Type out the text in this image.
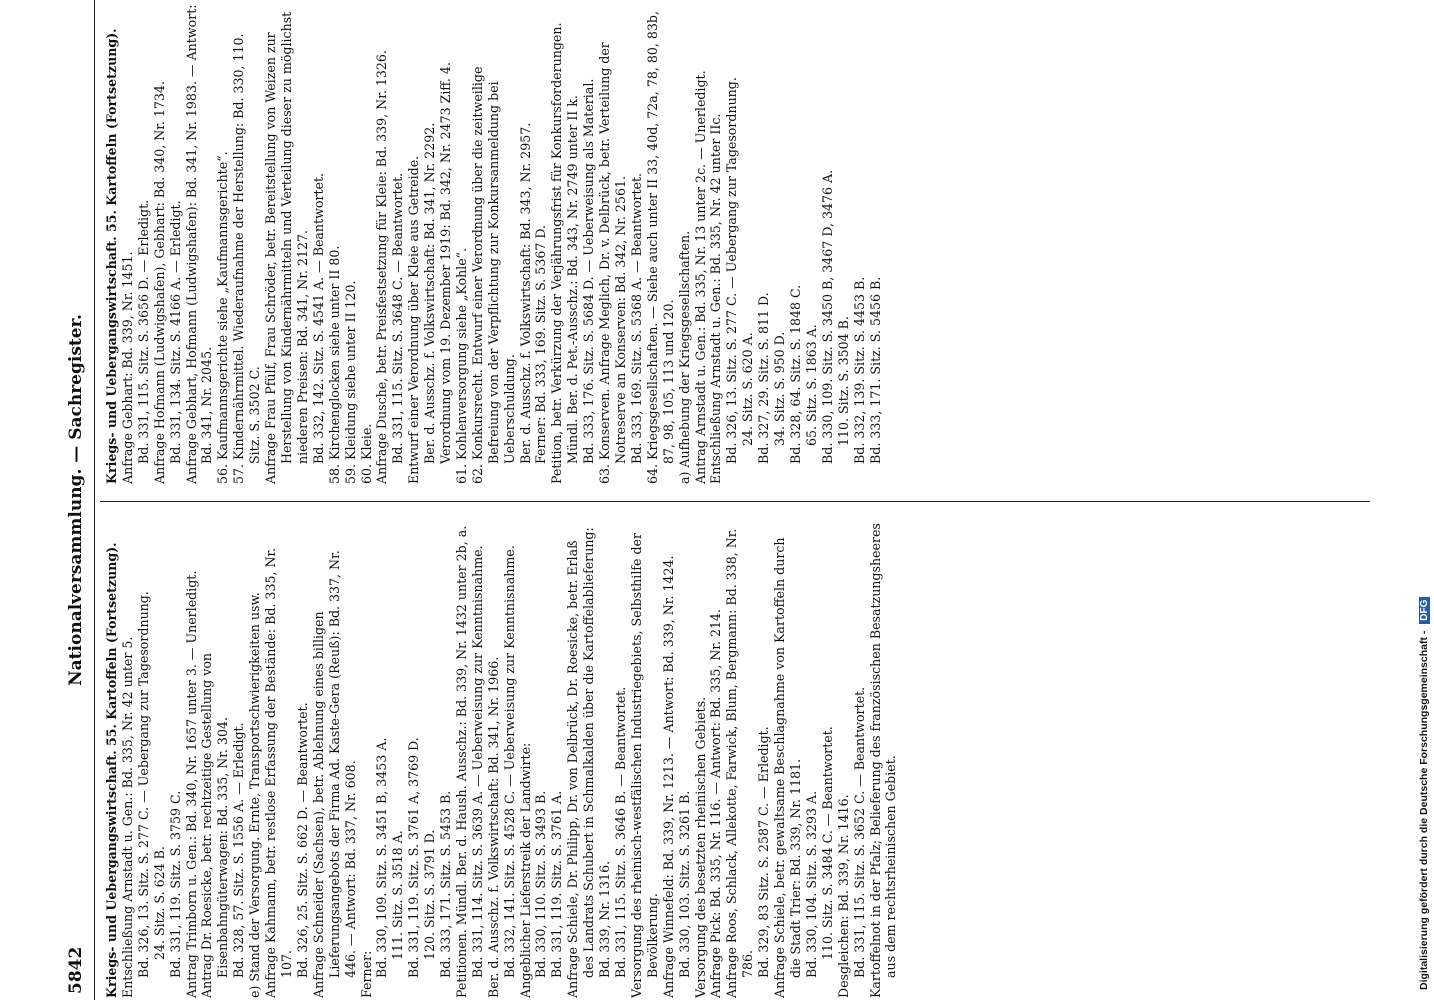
5842
Nationalversammlung. — Sachregister.

Kriegs- und Uebergangswirtschaft. 55. Kartoffeln (Fortsetzung). Entschließung Arnstadt u. Gen.: Bd. 335, Nr. 42 unter 5. Bd. 326, 13. Sitz. S. 277 C. — Uebergang zur Tagesordnung. 24. Sitz. S. 624 B. Bd. 331, 119. Sitz. S. 3759 C. Antrag Trimborn u. Gen.: Bd. 340, Nr. 1657 unter 3. — Unerledigt. Antrag Dr. Roesicke, betr. rechtzeitige Gestellung von Eisenbahngüterwagen: Bd. 335, Nr. 304. Bd. 328, 57. Sitz. S. 1556 A. — Erledigt. e) Stand der Versorgung. Ernte, Transportschwierigkeiten usw. Anfrage Kahmann, betr. restlose Erfassung der Bestände: Bd. 335, Nr. 107. Bd. 326, 25. Sitz. S. 662 D. — Beantwortet. Anfrage Schneider (Sachsen), betr. Ablehnung eines billigen Lieferungsangebots der Firma Ad. Kaste-Gera (Reuß): Bd. 337, Nr. 446. — Antwort: Bd. 337, Nr. 608. Ferner: Bd. 330, 109. Sitz. S. 3451 B, 3453 A. 111. Sitz. S. 3518 A. Bd. 331, 119. Sitz. S. 3761 A, 3769 D. 120. Sitz. S. 3791 D. Bd. 333, 171. Sitz. S. 5453 B. Petitionen. Mündl. Ber. d. Haush. Ausschz.: Bd. 339, Nr. 1432 unter 2b, a. Bd. 331, 114. Sitz. S. 3639 A. — Ueberweisung zur Kenntnisnahme. Ber. d. Ausschz. f. Volkswirtschaft: Bd. 341, Nr. 1966. Bd. 332, 141. Sitz. S. 4528 C. — Ueberweisung zur Kenntnisnahme. Angeblicher Lieferstreik der Landwirte: Bd. 330, 110. Sitz. S. 3493 B. Bd. 331, 119. Sitz. S. 3761 A. Anfrage Schiele, Dr. Philipp, Dr. von Delbrück, Dr. Roesicke, betr. Erlaß des Landrats Schubert in Schmalkalden über die Kartoffelablieferung: Bd. 339, Nr. 1316. Bd. 331, 115. Sitz. S. 3646 B. — Beantwortet. Versorgung des rheinisch-westfälischen Industriegebiets, Selbsthilfe der Bevölkerung. Anfrage Winnefeld: Bd. 339, Nr. 1213. — Antwort: Bd. 339, Nr. 1424. Bd. 330, 103. Sitz. S. 3261 B. Versorgung des besetzten rheinischen Gebiets. Anfrage Pick: Bd. 335, Nr. 116. — Antwort: Bd. 335, Nr. 214. Anfrage Roos, Schlack, Allekotte, Farwick, Blum, Bergmann: Bd. 338, Nr. 786. Bd. 329, 83 Sitz. S. 2587 C. — Erledigt. Anfrage Schiele, betr. gewaltsame Beschlagnahme von Kartoffeln durch die Stadt Trier: Bd. 339, Nr. 1181. Bd. 330, 104. Sitz. S. 3293 A. 110. Sitz. S. 3484 C. — Beantwortet. Desgleichen: Bd. 339, Nr. 1416. Bd. 331, 115. Sitz. S. 3652 C. — Beantwortet. Kartoffelnot in der Pfalz; Belieferung des französischen Besatzungsheeres aus dem rechtsrheinischen Gebiet.

Kriegs- und Uebergangswirtschaft. 55. Kartoffeln (Fortsetzung). Anfrage Gebhart: Bd. 339, Nr. 1451. Bd. 331, 115. Sitz. S. 3656 D. — Erledigt. Anfrage Hofmann (Ludwigshafen), Gebhart: Bd. 340, Nr. 1734. Bd. 331, 134. Sitz. S. 4166 A. — Erledigt. Anfrage Gebhart, Hofmann (Ludwigshafen): Bd. 341, Nr. 1983. — Antwort: Bd. 341, Nr. 2045. 56. Kaufmannsgerichte siehe „Kaufmannsgerichte“. 57. Kindernährmittel. Wiederaufnahme der Herstellung: Bd. 330, 110. Sitz. S. 3502 C. Anfrage Frau Pfülf, Frau Schröder, betr. Bereitstellung von Weizen zur Herstellung von Kindernährmitteln und Verteilung dieser zu möglichst niederen Preisen: Bd. 341, Nr. 2127. Bd. 332, 142. Sitz. S. 4541 A. — Beantwortet. 58. Kirchenglocken siehe unter II 80. 59. Kleidung siehe unter II 120. 60. Kleie. Anfrage Dusche, betr. Preisfestsetzung für Kleie: Bd. 339, Nr. 1326. Bd. 331, 115. Sitz. S. 3648 C. — Beantwortet. Entwurf einer Verordnung über Kleie aus Getreide. Ber. d. Ausschz. f. Volkswirtschaft: Bd. 341, Nr. 2292. Verordnung vom 19. Dezember 1919: Bd. 342, Nr. 2473 Ziff. 4. 61. Kohlenversorgung siehe „Kohle“. 62. Konkursrecht. Entwurf einer Verordnung über die zeitweilige Befreiung von der Verpflichtung zur Konkursanmeldung bei Ueberschuldung. Ber. d. Ausschz. f. Volkswirtschaft: Bd. 343, Nr. 2957. Ferner: Bd. 333, 169. Sitz. S. 5367 D. Petition, betr. Verkürzung der Verjährungsfrist für Konkursforderungen. Mündl. Ber. d. Pet.-Ausschz.: Bd. 343, Nr. 2749 unter II k. Bd. 333, 176. Sitz. S. 5684 D. — Ueberweisung als Material. 63. Konserven. Anfrage Meglich, Dr. v. Delbrück, betr. Verteilung der Notreserve an Konserven: Bd. 342, Nr. 2561. Bd. 333, 169. Sitz. S. 5368 A. — Beantwortet. 64. Kriegsgesellschaften. — Siehe auch unter II 33, 40d, 72a, 78, 80, 83b, 87, 98, 105, 113 und 120. a) Aufhebung der Kriegsgesellschaften. Antrag Arnstadt u. Gen.: Bd. 335, Nr. 13 unter 2c. — Unerledigt. Entschließung Arnstadt u. Gen.: Bd. 335, Nr. 42 unter IIc. Bd. 326, 13. Sitz. S. 277 C. — Uebergang zur Tagesordnung. 24. Sitz. S. 620 A. Bd. 327, 29. Sitz. S. 811 D. 34. Sitz. S. 950 D. Bd. 328, 64. Sitz. S. 1848 C. 65. Sitz. S. 1863 A. Bd. 330, 109. Sitz. S. 3450 B, 3467 D, 3476 A. 110. Sitz. S. 3504 B. Bd. 332, 139. Sitz. S. 4453 B. Bd. 333, 171. Sitz. S. 5456 B.

Digitalisierung gefördert durch die Deutsche Forschungsgemeinschaft - DFG
